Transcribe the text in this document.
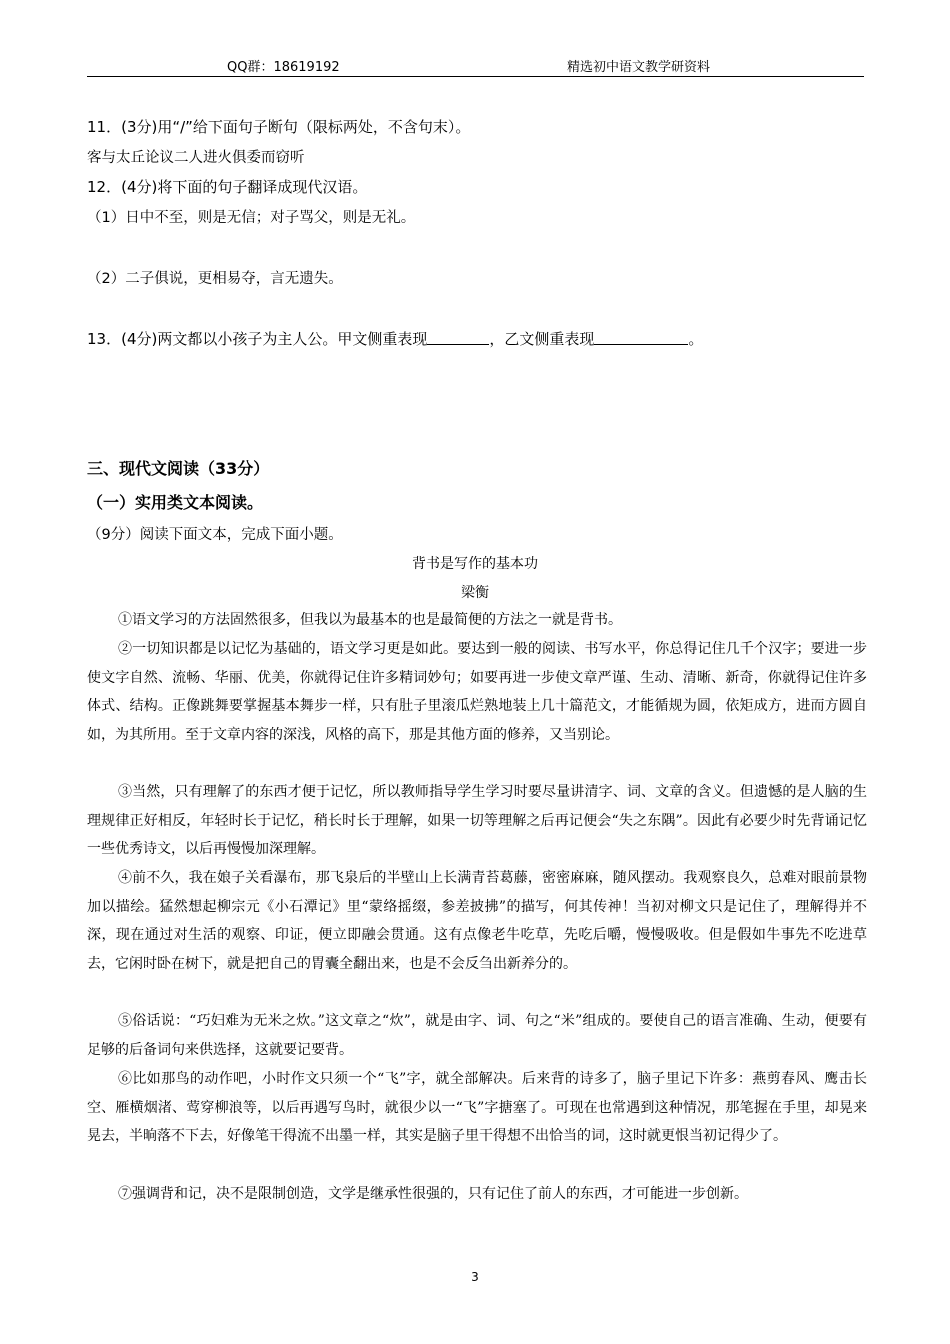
QQ群：18619192	精选初中语文教学研资料
11．(3分)用“/”给下面句子断句（限标两处，不含句末）。
客与太丘论议二人进火俱委而窃听
12．(4分)将下面的句子翻译成现代汉语。
（1）日中不至，则是无信；对子骂父，则是无礼。
（2）二子俱说，更相易夺，言无遗失。
13．(4分)两文都以小孩子为主人公。甲文侧重表现	，乙文侧重表现	。
三、现代文阅读（33分）
（一）实用类文本阅读。
（9分）阅读下面文本，完成下面小题。
背书是写作的基本功
梁衡
①语文学习的方法固然很多，但我以为最基本的也是最简便的方法之一就是背书。
②一切知识都是以记忆为基础的，语文学习更是如此。要达到一般的阅读、书写水平，你总得记住几千个汉字；要进一步使文字自然、流畅、华丽、优美，你就得记住许多精词妙句；如要再进一步使文章严谨、生动、清晰、新奇，你就得记住许多体式、结构。正像跳舞要掌握基本舞步一样，只有肚子里滚瓜烂熟地装上几十篇范文，才能循规为圆，依矩成方，进而方圆自如，为其所用。至于文章内容的深浅，风格的高下，那是其他方面的修养，又当别论。
③当然，只有理解了的东西才便于记忆，所以教师指导学生学习时要尽量讲清字、词、文章的含义。但遗憾的是人脑的生理规律正好相反，年轻时长于记忆，稍长时长于理解，如果一切等理解之后再记便会“失之东隅”。因此有必要少时先背诵记忆一些优秀诗文，以后再慢慢加深理解。
④前不久，我在娘子关看瀑布，那飞泉后的半壁山上长满青苔葛藤，密密麻麻，随风摆动。我观察良久，总难对眼前景物加以描绘。猛然想起柳宗元《小石潭记》里“蒙络摇缀，参差披拂”的描写，何其传神！当初对柳文只是记住了，理解得并不深，现在通过对生活的观察、印证，便立即融会贯通。这有点像老牛吃草，先吃后嚼，慢慢吸收。但是假如牛事先不吃进草去，它闲时卧在树下，就是把自己的胃囊全翻出来，也是不会反刍出新养分的。
⑤俗话说：“巧妇难为无米之炊。”这文章之“炊”，就是由字、词、句之“米”组成的。要使自己的语言准确、生动，便要有足够的后备词句来供选择，这就要记要背。
⑥比如那鸟的动作吧，小时作文只须一个“飞”字，就全部解决。后来背的诗多了，脑子里记下许多：燕剪春风、鹰击长空、雁横烟渚、莺穿柳浪等，以后再遇写鸟时，就很少以一“飞”字搪塞了。可现在也常遇到这种情况，那笔握在手里，却晃来晃去，半晌落不下去，好像笔干得流不出墨一样，其实是脑子里干得想不出恰当的词，这时就更恨当初记得少了。
⑦强调背和记，决不是限制创造，文学是继承性很强的，只有记住了前人的东西，才可能进一步创新。
3
